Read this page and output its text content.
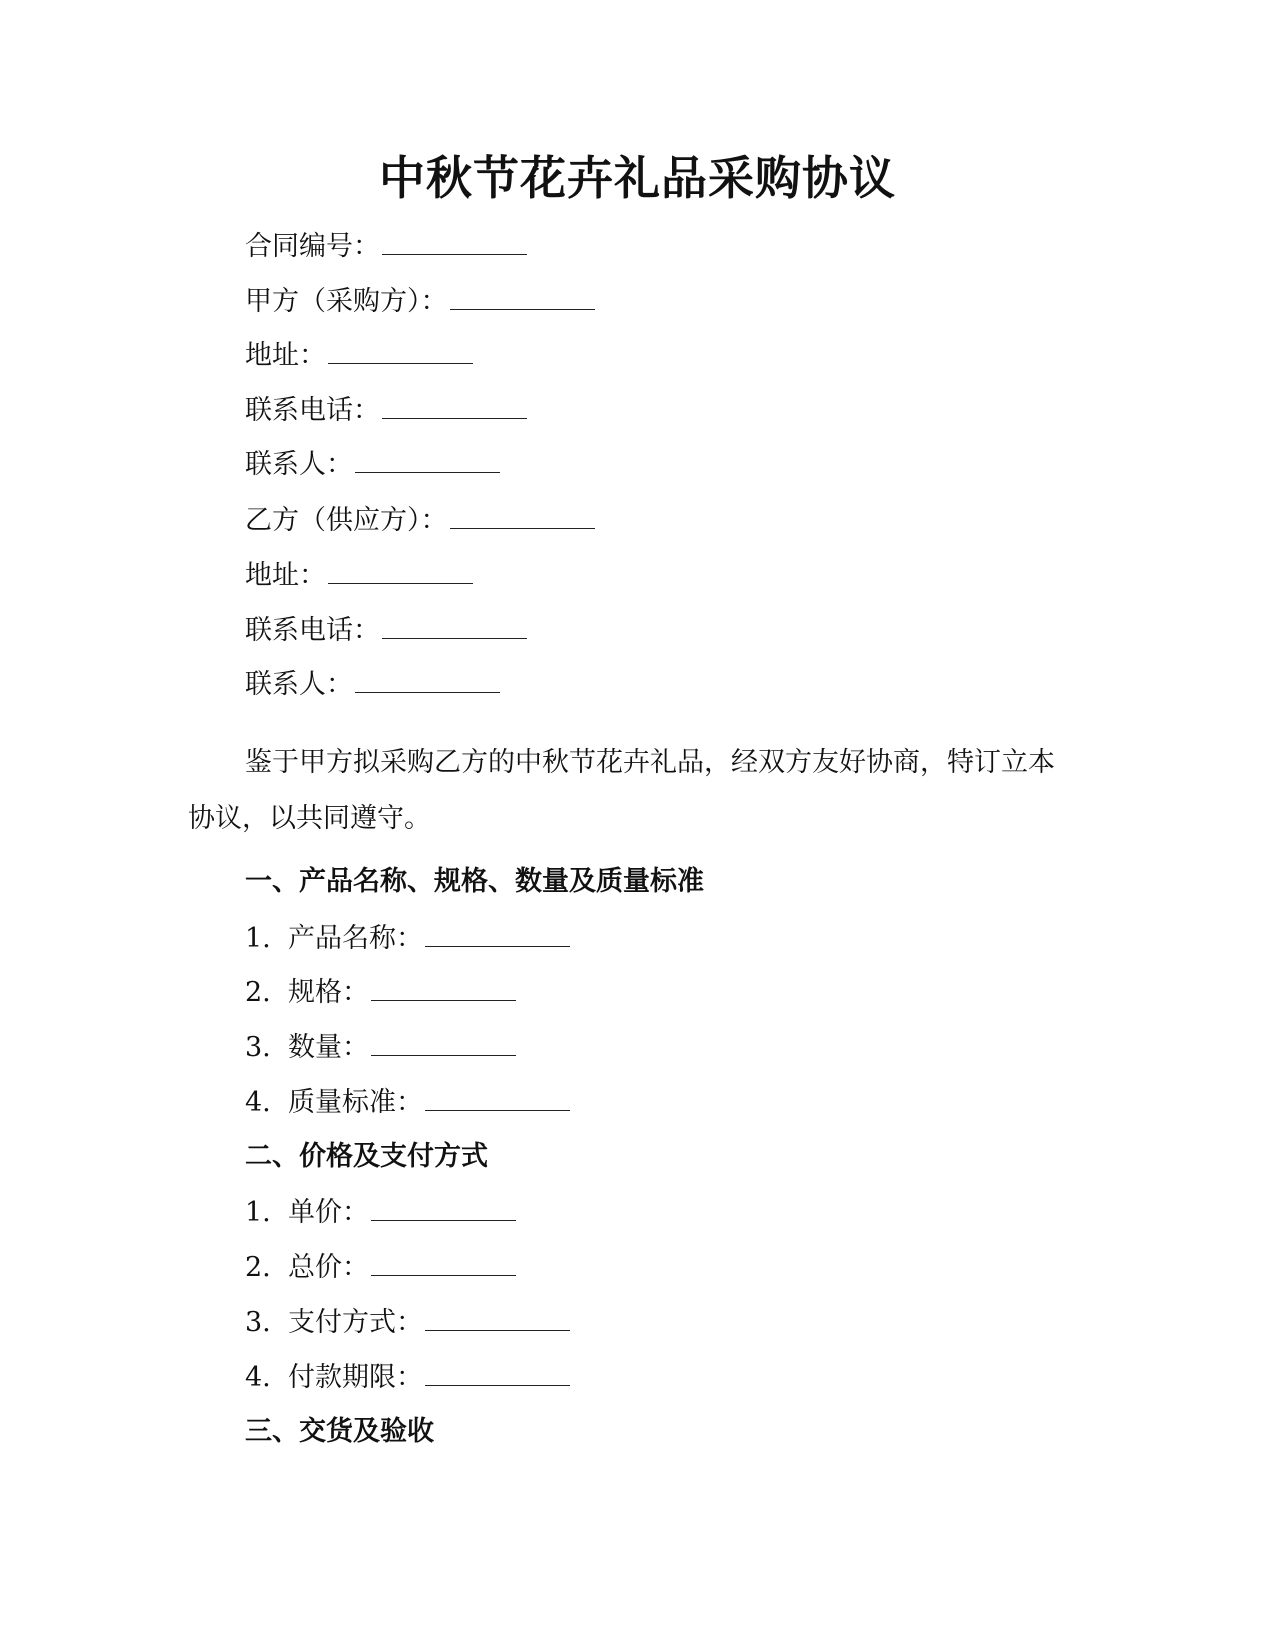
中秋节花卉礼品采购协议
合同编号：
甲方（采购方）：
地址：
联系电话：
联系人：
乙方（供应方）：
地址：
联系电话：
联系人：
鉴于甲方拟采购乙方的中秋节花卉礼品，经双方友好协商，特订立本协议，以共同遵守。
一、产品名称、规格、数量及质量标准
1. 产品名称：
2. 规格：
3. 数量：
4. 质量标准：
二、价格及支付方式
1. 单价：
2. 总价：
3. 支付方式：
4. 付款期限：
三、交货及验收
